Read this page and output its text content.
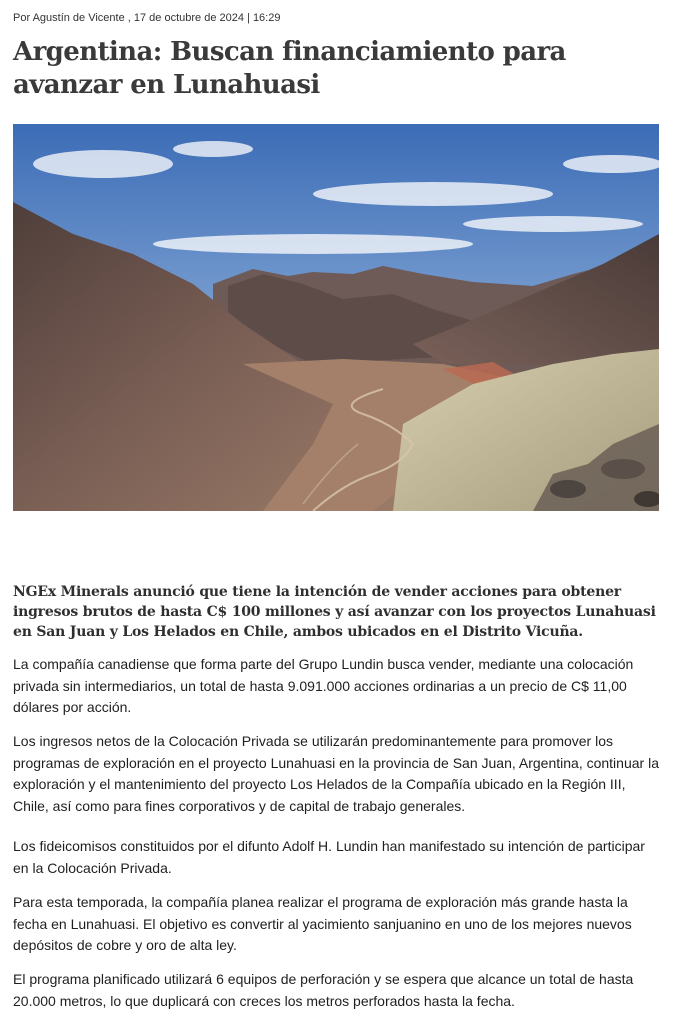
Por Agustín de Vicente , 17 de octubre de 2024 | 16:29
Argentina: Buscan financiamiento para avanzar en Lunahuasi

NGEx Minerals anunció que tiene la intención de vender acciones para obtener ingresos brutos de hasta C$ 100 millones y así avanzar con los proyectos Lunahuasi en San Juan y Los Helados en Chile, ambos ubicados en el Distrito Vicuña.

La compañía canadiense que forma parte del Grupo Lundin busca vender, mediante una colocación privada sin intermediarios, un total de hasta 9.091.000 acciones ordinarias a un precio de C$ 11,00 dólares por acción.

Los ingresos netos de la Colocación Privada se utilizarán predominantemente para promover los programas de exploración en el proyecto Lunahuasi en la provincia de San Juan, Argentina, continuar la exploración y el mantenimiento del proyecto Los Helados de la Compañía ubicado en la Región III, Chile, así como para fines corporativos y de capital de trabajo generales.

Los fideicomisos constituidos por el difunto Adolf H. Lundin han manifestado su intención de participar en la Colocación Privada.

Para esta temporada, la compañía planea realizar el programa de exploración más grande hasta la fecha en Lunahuasi. El objetivo es convertir al yacimiento sanjuanino en uno de los mejores nuevos depósitos de cobre y oro de alta ley.

El programa planificado utilizará 6 equipos de perforación y se espera que alcance un total de hasta 20.000 metros, lo que duplicará con creces los metros perforados hasta la fecha.
